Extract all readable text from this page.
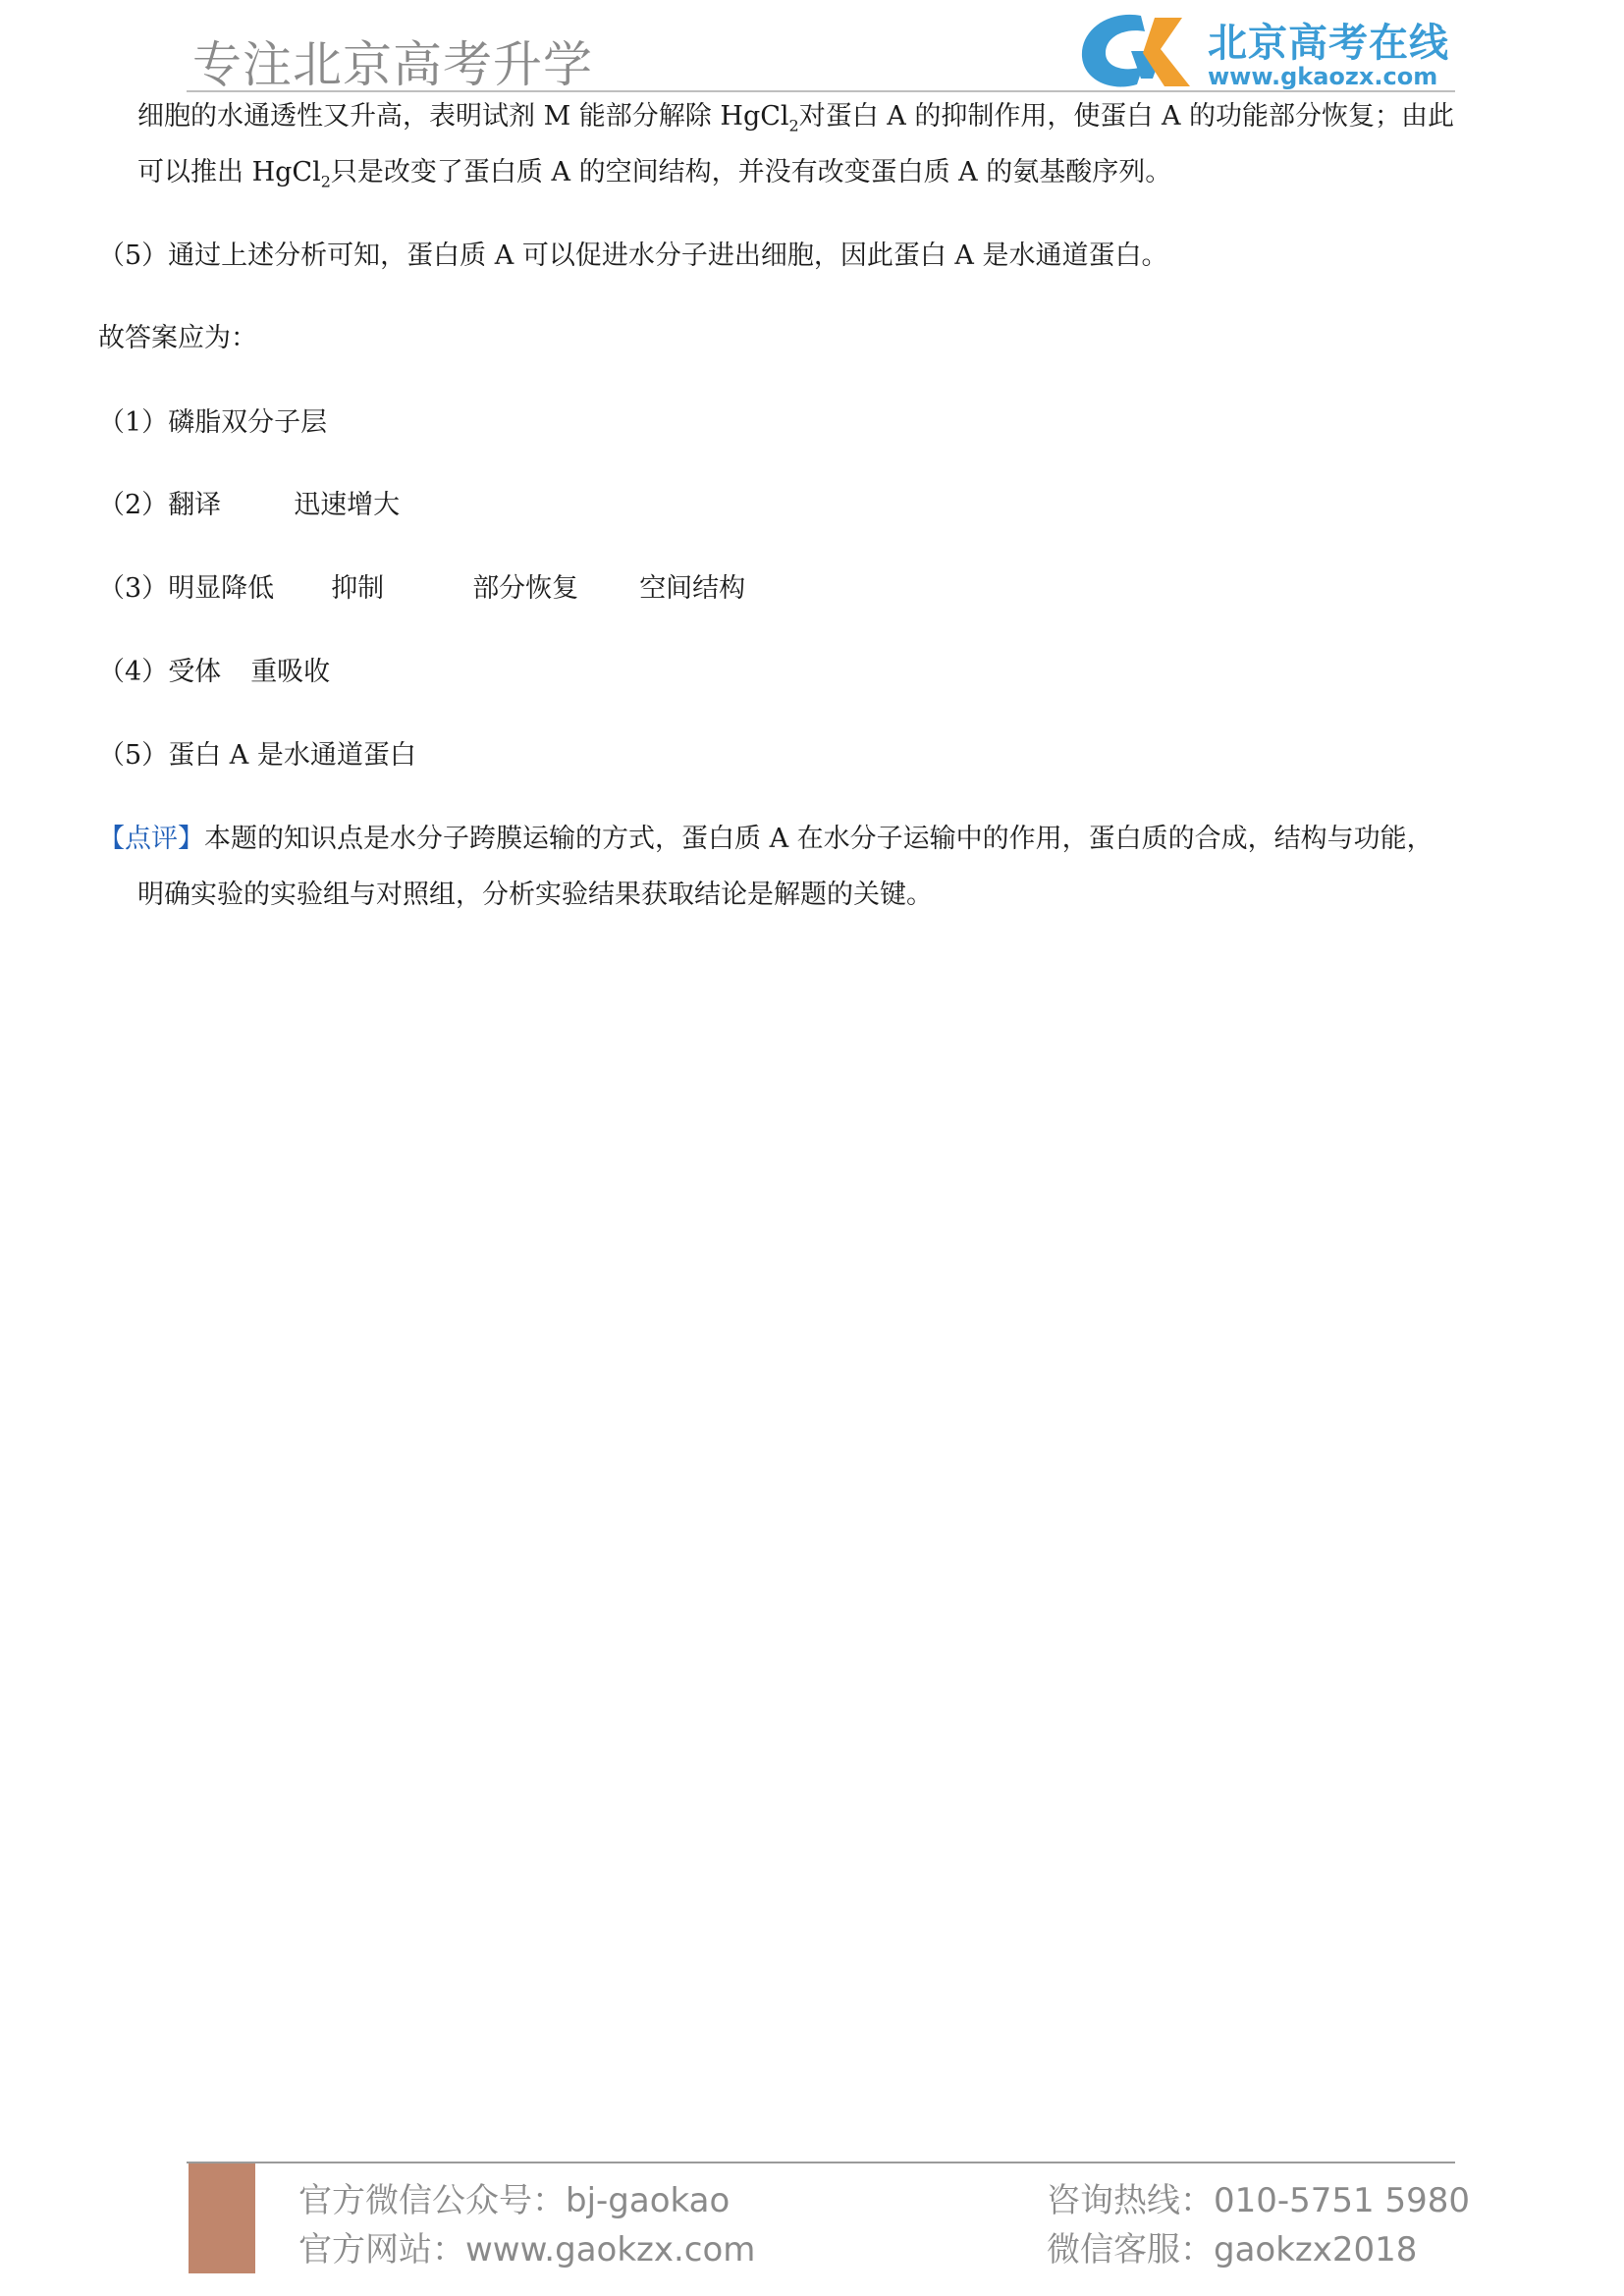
专注北京高考升学	北京高考在线
www.gkaozx.com
细胞的水通透性又升高，表明试剂 M 能部分解除 HgCl$_2$对蛋白 A 的抑制作用，使蛋白 A 的功能部分恢复；由此
可以推出 HgCl$_2$只是改变了蛋白质 A 的空间结构，并没有改变蛋白质 A 的氨基酸序列。
（5）通过上述分析可知，蛋白质 A 可以促进水分子进出细胞，因此蛋白 A 是水通道蛋白。
故答案应为：
（1）磷脂双分子层
（2）翻译	迅速增大
（3）明显降低 抑制	部分恢复 空间结构
（4）受体 重吸收
（5）蛋白 A 是水通道蛋白
【点评】本题的知识点是水分子跨膜运输的方式，蛋白质 A 在水分子运输中的作用，蛋白质的合成，结构与功能，
明确实验的实验组与对照组，分析实验结果获取结论是解题的关键。
官方微信公众号：bj-gaokao
官方网站：www.gaokzx.com
咨询热线：010-5751 5980
微信客服：gaokzx2018
